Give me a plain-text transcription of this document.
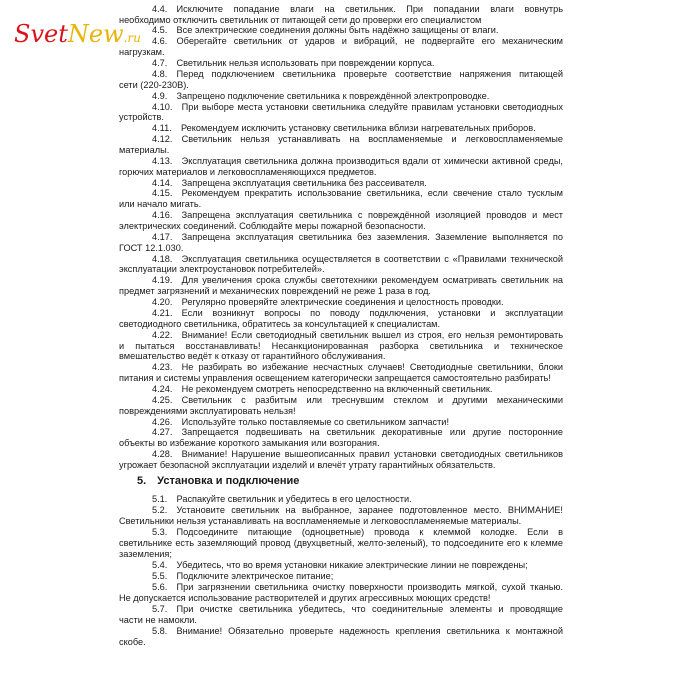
SvetNew.ru
4.4. Исключите попадание влаги на светильник. При попадании влаги вовнутрь
необходимо отключить светильник от питающей сети до проверки его специалистом
4.5. Все электрические соединения должны быть надёжно защищены от влаги.
4.6. Оберегайте светильник от ударов и вибраций, не подвергайте его механическим
нагрузкам.
4.7. Светильник нельзя использовать при повреждении корпуса.
4.8. Перед подключением светильника проверьте соответствие напряжения питающей
сети (220-230В).
4.9. Запрещено подключение светильника к повреждённой электропроводке.
4.10. При выборе места установки светильника следуйте правилам установки светодиодных
устройств.
4.11. Рекомендуем исключить установку светильника вблизи нагревательных приборов.
4.12. Светильник нельзя устанавливать на воспламеняемые и легковоспламеняемые
материалы.
4.13. Эксплуатация светильника должна производиться вдали от химически активной среды,
горючих материалов и легковоспламеняющихся предметов.
4.14. Запрещена эксплуатация светильника без рассеивателя.
4.15. Рекомендуем прекратить использование светильника, если свечение стало тусклым
или начало мигать.
4.16. Запрещена эксплуатация светильника с повреждённой изоляцией проводов и мест
электрических соединений. Соблюдайте меры пожарной безопасности.
4.17. Запрещена эксплуатация светильника без заземления. Заземление выполняется по
ГОСТ 12.1.030.
4.18. Эксплуатация светильника осуществляется в соответствии с «Правилами технической
эксплуатации электроустановок потребителей».
4.19. Для увеличения срока службы светотехники рекомендуем осматривать светильник на
предмет загрязнений и механических повреждений не реже 1 раза в год.
4.20. Регулярно проверяйте электрические соединения и целостность проводки.
4.21. Если возникнут вопросы по поводу подключения, установки и эксплуатации
светодиодного светильника, обратитесь за консультацией к специалистам.
4.22. Внимание! Если светодиодный светильник вышел из строя, его нельзя ремонтировать
и пытаться восстанавливать! Несанкционированная разборка светильника и техническое
вмешательство ведёт к отказу от гарантийного обслуживания.
4.23. Не разбирать во избежание несчастных случаев! Светодиодные светильники, блоки
питания и системы управления освещением категорически запрещается самостоятельно разбирать!
4.24. Не рекомендуем смотреть непосредственно на включенный светильник.
4.25. Светильник с разбитым или треснувшим стеклом и другими механическими
повреждениями эксплуатировать нельзя!
4.26. Используйте только поставляемые со светильником запчасти!
4.27. Запрещается подвешивать на светильник декоративные или другие посторонние
объекты во избежание короткого замыкания или возгорания.
4.28. Внимание! Нарушение вышеописанных правил установки светодиодных светильников
угрожает безопасной эксплуатации изделий и влечёт утрату гарантийных обязательств.
5. Установка и подключение
5.1. Распакуйте светильник и убедитесь в его целостности.
5.2. Установите светильник на выбранное, заранее подготовленное место. ВНИМАНИЕ!
Светильники нельзя устанавливать на воспламеняемые и легковоспламеняемые материалы.
5.3. Подсоедините питающие (одноцветные) провода к клеммой колодке. Если в
светильнике есть заземляющий провод (двухцветный, желто-зеленый), то подсоедините его к клемме
заземления;
5.4. Убедитесь, что во время установки никакие электрические линии не повреждены;
5.5. Подключите электрическое питание;
5.6. При загрязнении светильника очистку поверхности производить мягкой, сухой тканью.
Не допускается использование растворителей и других агрессивных моющих средств!
5.7. При очистке светильника убедитесь, что соединительные элементы и проводящие
части не намокли.
5.8. Внимание! Обязательно проверьте надежность крепления светильника к монтажной
скобе.
